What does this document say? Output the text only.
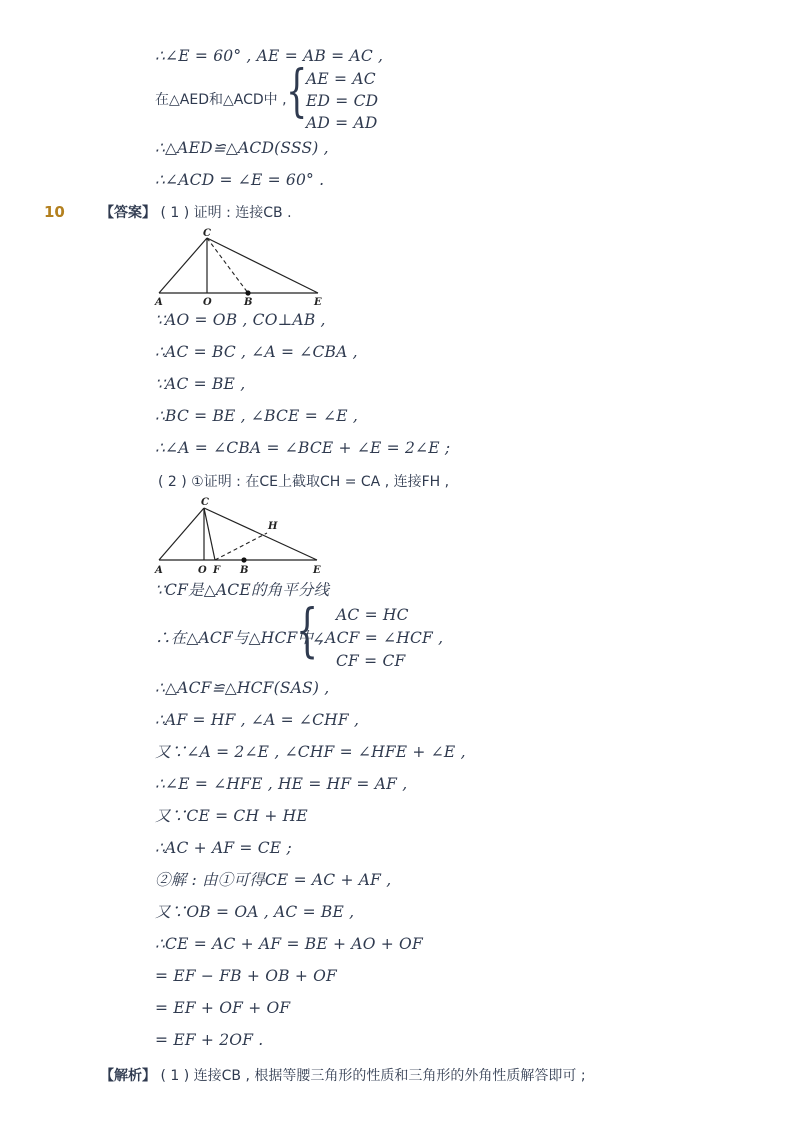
∴∠E = 60° , AE = AB = AC ,
在△AED和△ACD中 , {
AE = AC
ED = CD
AD = AD
∴△AED≌△ACD(SSS) ,
∴∠ACD = ∠E = 60° .
10	【答案】 ( 1 ) 证明 : 连接CB .
C
A	O	B	E
∵AO = OB , CO⊥AB ,
∴AC = BC , ∠A = ∠CBA ,
∵AC = BE ,
∴BC = BE , ∠BCE = ∠E ,
∴∠A = ∠CBA = ∠BCE + ∠E = 2∠E ;
( 2 ) ①证明 : 在CE上截取CH = CA , 连接FH ,
C
H
A	O F B	E
∵CF是△ACE的角平分线
∴在△ACF与△HCF中 ,
{ AC = HC
∠ACF = ∠HCF ,
CF = CF
∴△ACF≌△HCF(SAS) ,
∴AF = HF , ∠A = ∠CHF ,
又∵∠A = 2∠E , ∠CHF = ∠HFE + ∠E ,
∴∠E = ∠HFE , HE = HF = AF ,
又∵CE = CH + HE
∴AC + AF = CE ;
②解 : 由①可得CE = AC + AF ,
又∵OB = OA , AC = BE ,
∴CE = AC + AF = BE + AO + OF
= EF − FB + OB + OF
= EF + OF + OF
= EF + 2OF .
【解析】 ( 1 ) 连接CB , 根据等腰三角形的性质和三角形的外角性质解答即可 ;
